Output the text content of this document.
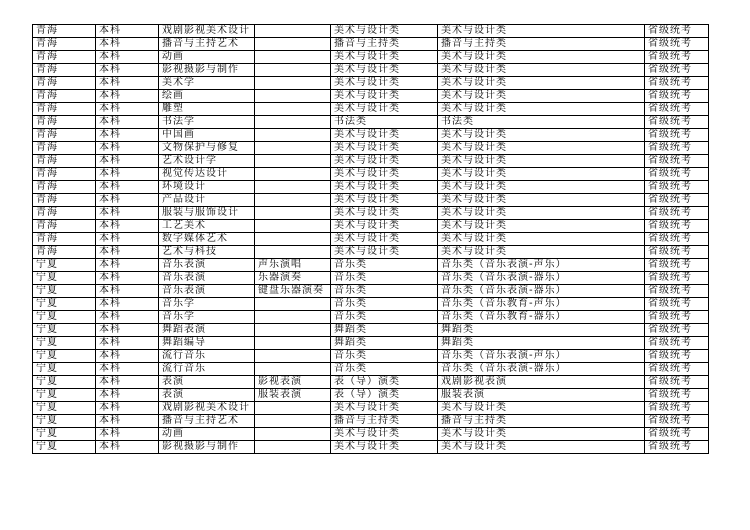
青海	本科	戏剧影视美术设计		美术与设计类	美术与设计类	省级统考
青海	本科	播音与主持艺术		播音与主持类	播音与主持类	省级统考
青海	本科	动画		美术与设计类	美术与设计类	省级统考
青海	本科	影视摄影与制作		美术与设计类	美术与设计类	省级统考
青海	本科	美术学		美术与设计类	美术与设计类	省级统考
青海	本科	绘画		美术与设计类	美术与设计类	省级统考
青海	本科	雕塑		美术与设计类	美术与设计类	省级统考
青海	本科	书法学		书法类	书法类	省级统考
青海	本科	中国画		美术与设计类	美术与设计类	省级统考
青海	本科	文物保护与修复		美术与设计类	美术与设计类	省级统考
青海	本科	艺术设计学		美术与设计类	美术与设计类	省级统考
青海	本科	视觉传达设计		美术与设计类	美术与设计类	省级统考
青海	本科	环境设计		美术与设计类	美术与设计类	省级统考
青海	本科	产品设计		美术与设计类	美术与设计类	省级统考
青海	本科	服装与服饰设计		美术与设计类	美术与设计类	省级统考
青海	本科	工艺美术		美术与设计类	美术与设计类	省级统考
青海	本科	数字媒体艺术		美术与设计类	美术与设计类	省级统考
青海	本科	艺术与科技		美术与设计类	美术与设计类	省级统考
宁夏	本科	音乐表演	声乐演唱	音乐类	音乐类（音乐表演-声乐）	省级统考
宁夏	本科	音乐表演	乐器演奏	音乐类	音乐类（音乐表演-器乐）	省级统考
宁夏	本科	音乐表演	键盘乐器演奏	音乐类	音乐类（音乐表演-器乐）	省级统考
宁夏	本科	音乐学		音乐类	音乐类（音乐教育-声乐）	省级统考
宁夏	本科	音乐学		音乐类	音乐类（音乐教育-器乐）	省级统考
宁夏	本科	舞蹈表演		舞蹈类	舞蹈类	省级统考
宁夏	本科	舞蹈编导		舞蹈类	舞蹈类	省级统考
宁夏	本科	流行音乐		音乐类	音乐类（音乐表演-声乐）	省级统考
宁夏	本科	流行音乐		音乐类	音乐类（音乐表演-器乐）	省级统考
宁夏	本科	表演	影视表演	表（导）演类	戏剧影视表演	省级统考
宁夏	本科	表演	服装表演	表（导）演类	服装表演	省级统考
宁夏	本科	戏剧影视美术设计		美术与设计类	美术与设计类	省级统考
宁夏	本科	播音与主持艺术		播音与主持类	播音与主持类	省级统考
宁夏	本科	动画		美术与设计类	美术与设计类	省级统考
宁夏	本科	影视摄影与制作		美术与设计类	美术与设计类	省级统考
